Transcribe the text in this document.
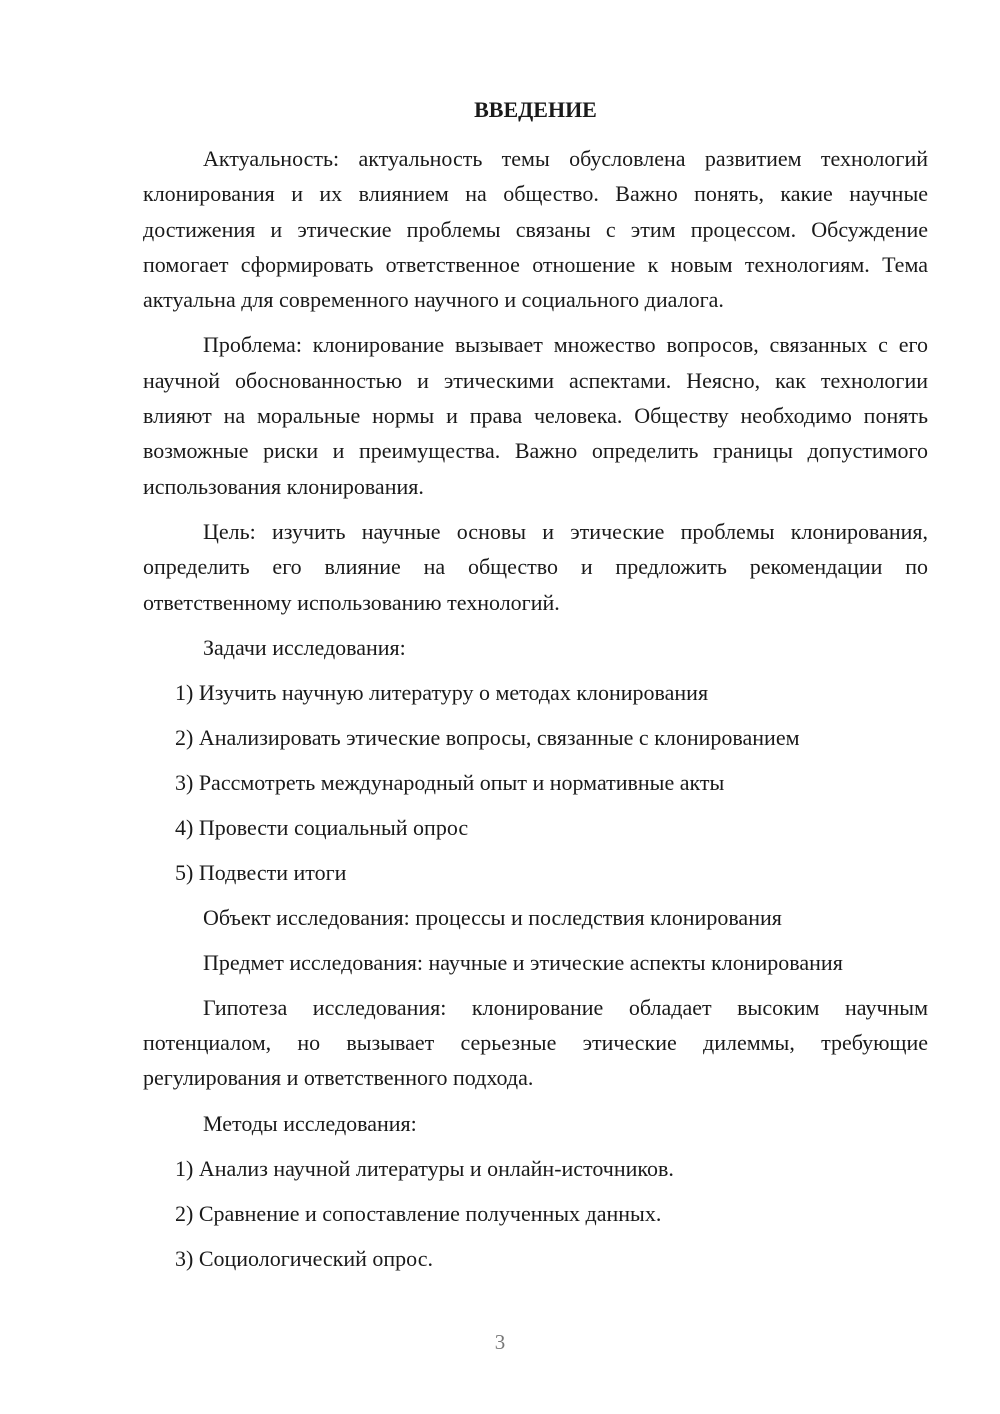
ВВЕДЕНИЕ

Актуальность: актуальность темы обусловлена развитием технологий клонирования и их влиянием на общество. Важно понять, какие научные достижения и этические проблемы связаны с этим процессом. Обсуждение помогает сформировать ответственное отношение к новым технологиям. Тема актуальна для современного научного и социального диалога.

Проблема: клонирование вызывает множество вопросов, связанных с его научной обоснованностью и этическими аспектами. Неясно, как технологии влияют на моральные нормы и права человека. Обществу необходимо понять возможные риски и преимущества. Важно определить границы допустимого использования клонирования.

Цель: изучить научные основы и этические проблемы клонирования, определить его влияние на общество и предложить рекомендации по ответственному использованию технологий.

Задачи исследования:
1) Изучить научную литературу о методах клонирования
2) Анализировать этические вопросы, связанные с клонированием
3) Рассмотреть международный опыт и нормативные акты
4) Провести социальный опрос
5) Подвести итоги
Объект исследования: процессы и последствия клонирования
Предмет исследования: научные и этические аспекты клонирования

Гипотеза исследования: клонирование обладает высоким научным потенциалом, но вызывает серьезные этические дилеммы, требующие регулирования и ответственного подхода.

Методы исследования:
1) Анализ научной литературы и онлайн-источников.
2) Сравнение и сопоставление полученных данных.
3) Социологический опрос.
3
